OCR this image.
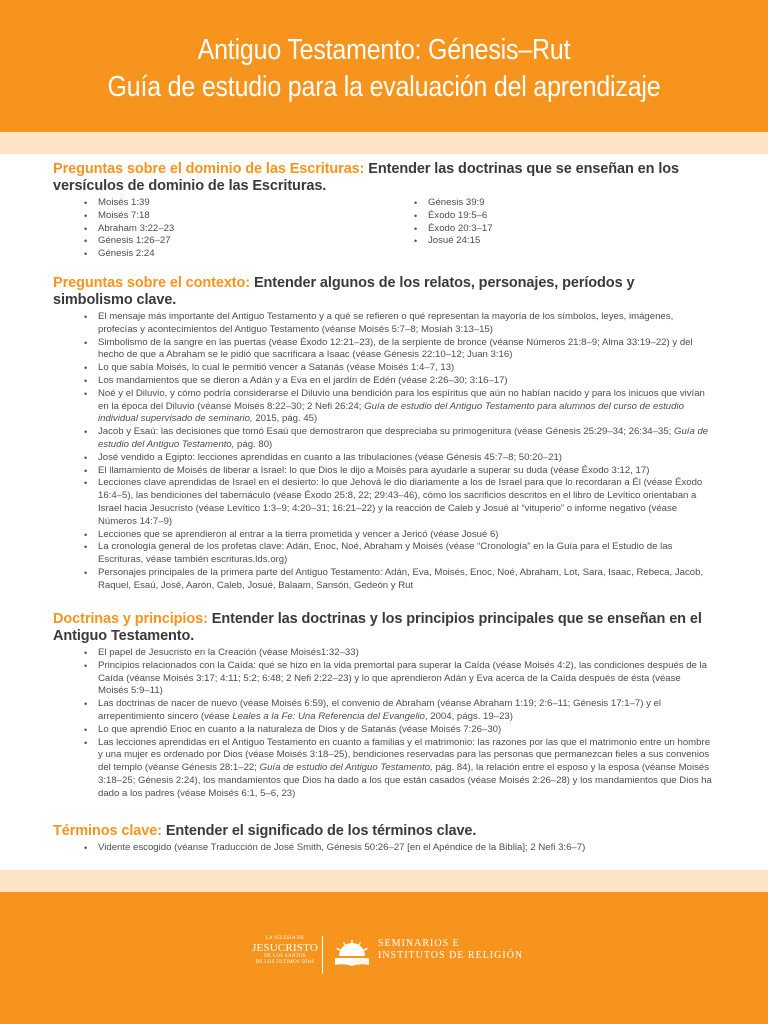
Antiguo Testamento: Génesis–Rut
Guía de estudio para la evaluación del aprendizaje
Preguntas sobre el dominio de las Escrituras: Entender las doctrinas que se enseñan en los versículos de dominio de las Escrituras.
• Moisés 1:39
• Moisés 7:18
• Abraham 3:22–23
• Génesis 1:26–27
• Génesis 2:24
• Génesis 39:9
• Éxodo 19:5–6
• Éxodo 20:3–17
• Josué 24:15
Preguntas sobre el contexto: Entender algunos de los relatos, personajes, períodos y simbolismo clave.
• El mensaje más importante del Antiguo Testamento y a qué se refieren o qué representan la mayoría de los símbolos, leyes, imágenes, profecías y acontecimientos del Antiguo Testamento (véanse Moisés 5:7–8; Mosíah 3:13–15)
• Simbolismo de la sangre en las puertas (véase Éxodo 12:21–23), de la serpiente de bronce (véanse Números 21:8–9; Alma 33:19–22) y del hecho de que a Abraham se le pidió que sacrificara a Isaac (véase Génesis 22:10–12; Juan 3:16)
• Lo que sabía Moisés, lo cual le permitió vencer a Satanás (véase Moisés 1:4–7, 13)
• Los mandamientos que se dieron a Adán y a Eva en el jardín de Edén (véase 2:26–30; 3:16–17)
• Noé y el Diluvio, y cómo podría considerarse el Diluvio una bendición para los espíritus que aún no habían nacido y para los inicuos que vivían en la época del Diluvio (véanse Moisés 8:22–30; 2 Nefi 26:24; Guía de estudio del Antiguo Testamento para alumnos del curso de estudio individual supervisado de seminario, 2015, pág. 45)
• Jacob y Esaú: las decisiones que tomó Esaú que demostraron que despreciaba su primogenitura (véase Génesis 25:29–34; 26:34–35; Guía de estudio del Antiguo Testamento, pág. 80)
• José vendido a Egipto: lecciones aprendidas en cuanto a las tribulaciones (véase Génesis 45:7–8; 50:20–21)
• El llamamiento de Moisés de liberar a Israel: lo que Dios le dijo a Moisés para ayudarle a superar su duda (véase Éxodo 3:12, 17)
• Lecciones clave aprendidas de Israel en el desierto: lo que Jehová le dio diariamente a los de Israel para que lo recordaran a Él (véase Éxodo 16:4–5), las bendiciones del tabernáculo (véase Éxodo 25:8, 22; 29:43–46), cómo los sacrificios descritos en el libro de Levítico orientaban a Israel hacia Jesucristo (véase Levítico 1:3–9; 4:20–31; 16:21–22) y la reacción de Caleb y Josué al “vituperio” o informe negativo (véase Números 14:7–9)
• Lecciones que se aprendieron al entrar a la tierra prometida y vencer a Jericó (véase Josué 6)
• La cronología general de los profetas clave: Adán, Enoc, Noé, Abraham y Moisés (véase “Cronología” en la Guía para el Estudio de las Escrituras, véase también escrituras.lds.org)
• Personajes principales de la primera parte del Antiguo Testamento: Adán, Eva, Moisés, Enoc, Noé, Abraham, Lot, Sara, Isaac, Rebeca, Jacob, Raquel, Esaú, José, Aarón, Caleb, Josué, Balaam, Sansón, Gedeón y Rut
Doctrinas y principios: Entender las doctrinas y los principios principales que se enseñan en el Antiguo Testamento.
• El papel de Jesucristo en la Creación (véase Moisés1:32–33)
• Principios relacionados con la Caída: qué se hizo en la vida premortal para superar la Caída (véase Moisés 4:2), las condiciones después de la Caída (véanse Moisés 3:17; 4:11; 5:2; 6:48; 2 Nefi 2:22–23) y lo que aprendieron Adán y Eva acerca de la Caída después de ésta (véase Moisés 5:9–11)
• Las doctrinas de nacer de nuevo (véase Moisés 6:59), el convenio de Abraham (véanse Abraham 1:19; 2:6–11; Génesis 17:1–7) y el arrepentimiento sincero (véase Leales a la Fe: Una Referencia del Evangelio, 2004, págs. 19–23)
• Lo que aprendió Enoc en cuanto a la naturaleza de Dios y de Satanás (véase Moisés 7:26–30)
• Las lecciones aprendidas en el Antiguo Testamento en cuanto a familias y el matrimonio: las razones por las que el matrimonio entre un hombre y una mujer es ordenado por Dios (véase Moisés 3:18–25), bendiciones reservadas para las personas que permanezcan fieles a sus convenios del templo (véanse Génesis 28:1–22; Guía de estudio del Antiguo Testamento, pág. 84), la relación entre el esposo y la esposa (véanse Moisés 3:18–25; Génesis 2:24), los mandamientos que Dios ha dado a los que están casados (véase Moisés 2:26–28) y los mandamientos que Dios ha dado a los padres (véase Moisés 6:1, 5–6, 23)
Términos clave: Entender el significado de los términos clave.
• Vidente escogido (véanse Traducción de José Smith, Génesis 50:26–27 [en el Apéndice de la Biblia]; 2 Nefi 3:6–7)
LA IGLESIA DE
JESUCRISTO
DE LOS SANTOS
DE LOS ÚLTIMOS DÍAS
SEMINARIOS E
INSTITUTOS DE RELIGIÓN
